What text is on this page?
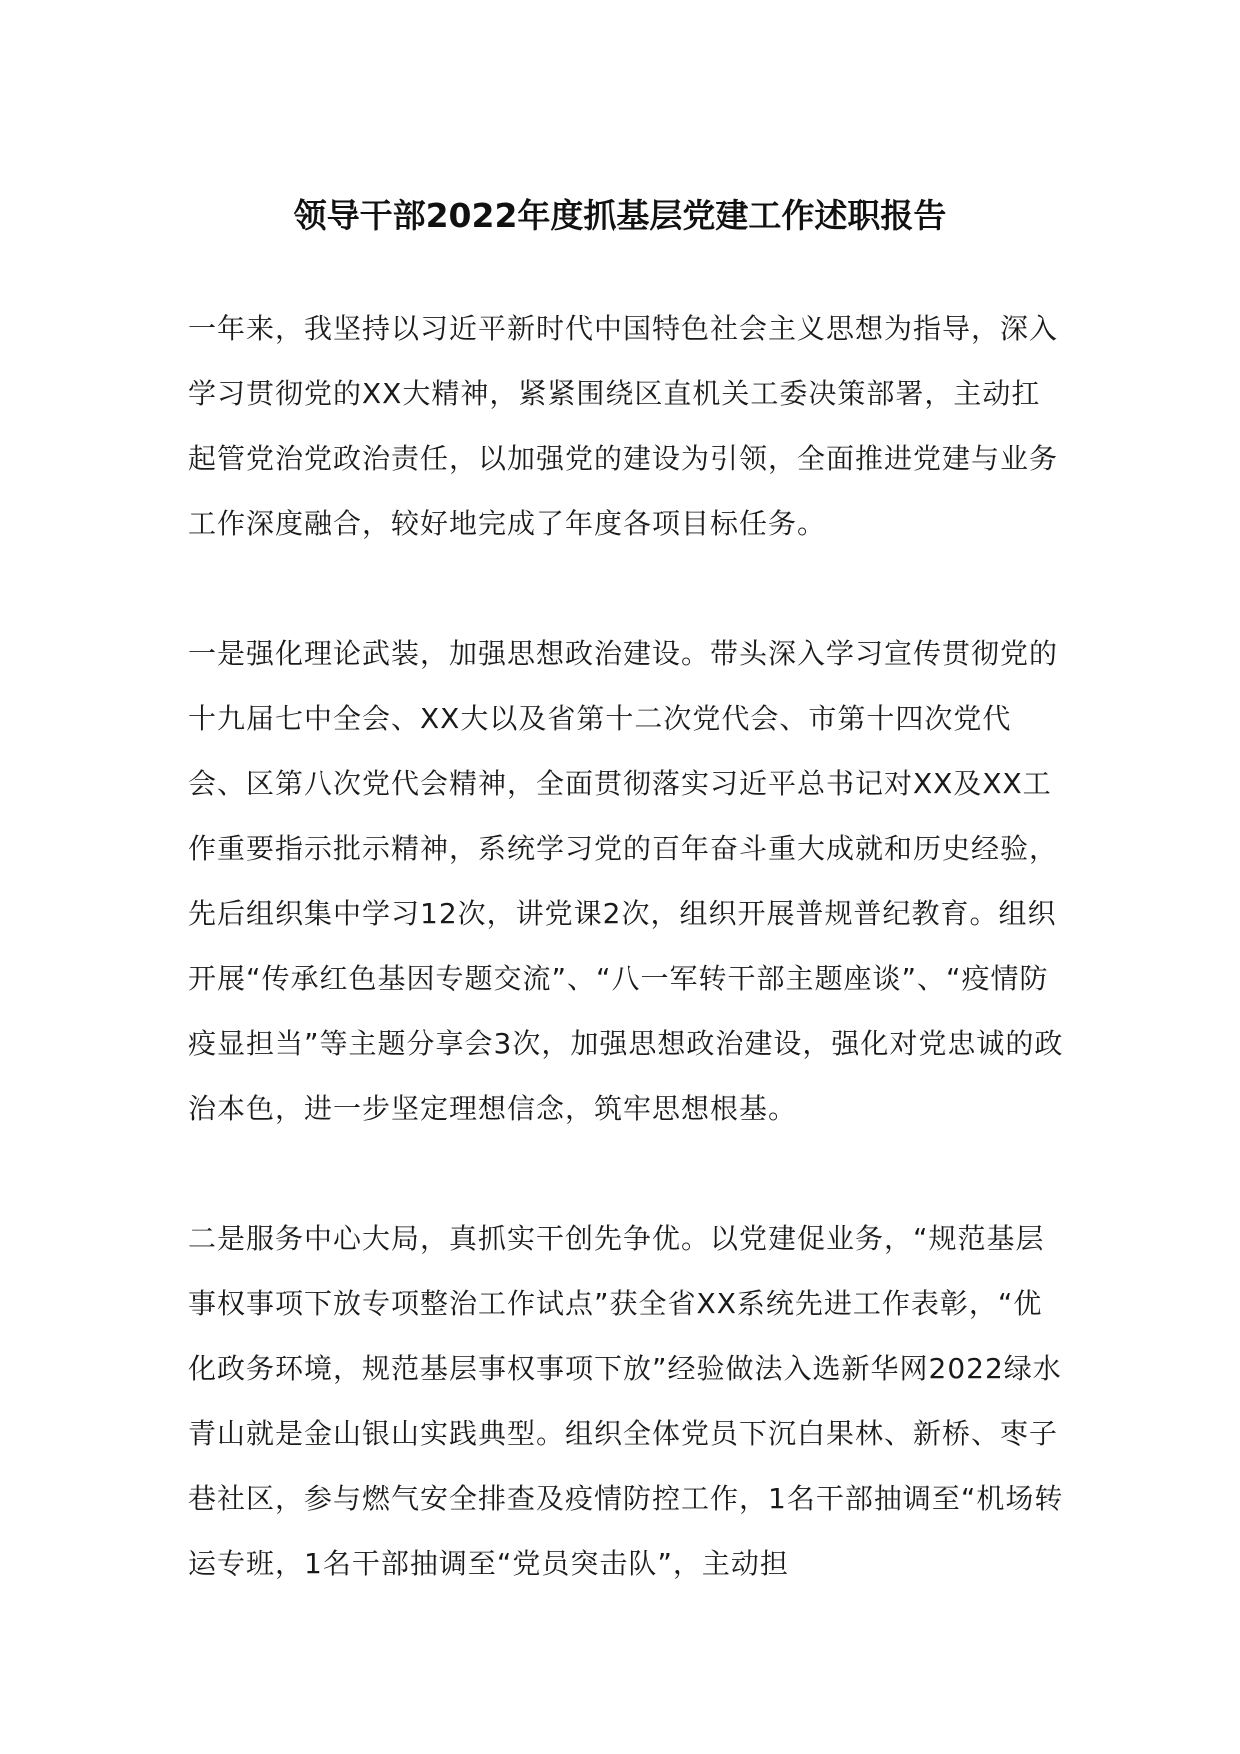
领导干部2022年度抓基层党建工作述职报告

一年来，我坚持以习近平新时代中国特色社会主义思想为指导，深入学习贯彻党的XX大精神，紧紧围绕区直机关工委决策部署，主动扛起管党治党政治责任，以加强党的建设为引领，全面推进党建与业务工作深度融合，较好地完成了年度各项目标任务。

一是强化理论武装，加强思想政治建设。带头深入学习宣传贯彻党的十九届七中全会、XX大以及省第十二次党代会、市第十四次党代会、区第八次党代会精神，全面贯彻落实习近平总书记对XX及XX工作重要指示批示精神，系统学习党的百年奋斗重大成就和历史经验，先后组织集中学习12次，讲党课2次，组织开展普规普纪教育。组织开展“传承红色基因专题交流”、“八一军转干部主题座谈”、“疫情防疫显担当”等主题分享会3次，加强思想政治建设，强化对党忠诚的政治本色，进一步坚定理想信念，筑牢思想根基。

二是服务中心大局，真抓实干创先争优。以党建促业务，“规范基层事权事项下放专项整治工作试点”获全省XX系统先进工作表彰，“优化政务环境，规范基层事权事项下放”经验做法入选新华网2022绿水青山就是金山银山实践典型。组织全体党员下沉白果林、新桥、枣子巷社区，参与燃气安全排查及疫情防控工作，1名干部抽调至“机场转运专班，1名干部抽调至“党员突击队”，主动担
